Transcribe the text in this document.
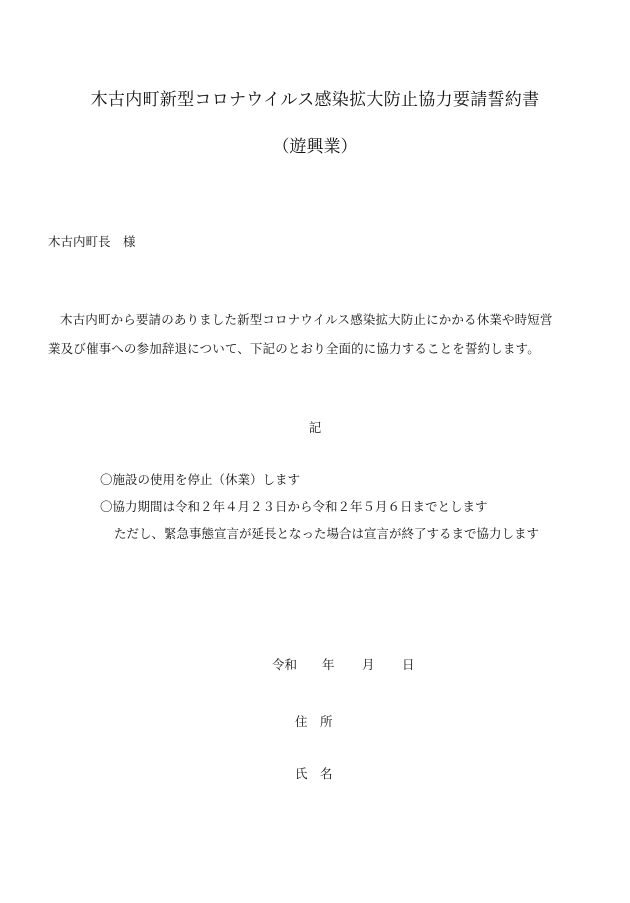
木古内町新型コロナウイルス感染拡大防止協力要請誓約書
（遊興業）
木古内町長　様
木古内町から要請のありました新型コロナウイルス感染拡大防止にかかる休業や時短営
業及び催事への参加辞退について、下記のとおり全面的に協力することを誓約します。
記
〇施設の使用を停止（休業）します
〇協力期間は令和２年４月２３日から令和２年５月６日までとします
ただし、緊急事態宣言が延長となった場合は宣言が終了するまで協力します
令和 年 月 日
住　所
氏　名
